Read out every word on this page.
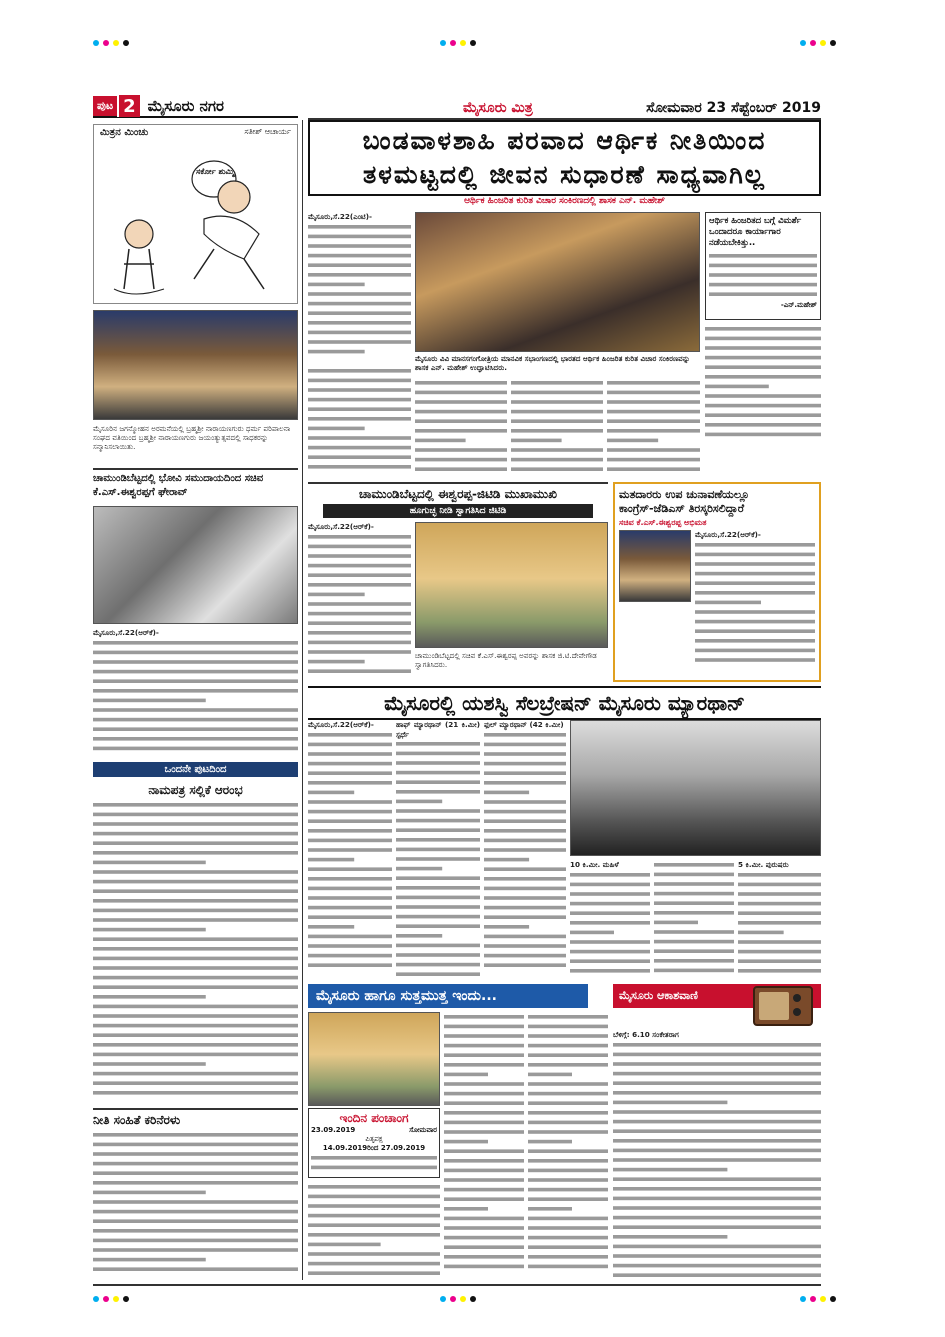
ಪುಟ 2 ಮೈಸೂರು ನಗರ	ಮೈಸೂರು ಮಿತ್ರ	ಸೋಮವಾರ 23 ಸೆಪ್ಟೆಂಬರ್ 2019
ಮಿತ್ರನ ಮಿಂಚು	ಸತೀಶ್ ಆಚಾರ್ಯ
ಸರ್ಕೋ ಶುಮ್ಮಿ
ಬಂಡವಾಳಶಾಹಿ ಪರವಾದ ಆರ್ಥಿಕ ನೀತಿಯಿಂದ
ತಳಮಟ್ಟದಲ್ಲಿ ಜೀವನ ಸುಧಾರಣೆ ಸಾಧ್ಯವಾಗಿಲ್ಲ
ಆರ್ಥಿಕ ಹಿಂಜರಿತ ಕುರಿತ ವಿಚಾರ ಸಂಕಿರಣದಲ್ಲಿ ಶಾಸಕ ಎನ್. ಮಹೇಶ್
ಮೈಸೂರು,ಸೆ.22(ಎಂಟಿ)-
ಮೈಸೂರು ವಿವಿ ಮಾನಸಗಂಗೋತ್ರಿಯ ಮಾನವಿಕ ಸಭಾಂಗಣದಲ್ಲಿ ಭಾರತದ ಆರ್ಥಿಕ ಹಿಂಜರಿತ ಕುರಿತ ವಿಚಾರ ಸಂಕಿರಣವನ್ನು ಶಾಸಕ ಎನ್. ಮಹೇಶ್ ಉದ್ಘಾಟಿಸಿದರು.
ಆರ್ಥಿಕ ಹಿಂಜರಿತದ ಬಗ್ಗೆ ವಿಮರ್ಶೆ ಒಂದಾದರೂ ಕಾರ್ಯಾಗಾರ ನಡೆಯಬೇಕಿತ್ತು..
-ಎನ್.ಮಹೇಶ್
ಮೈಸೂರಿನ ಜಗನ್ಮೋಹನ ಅರಮನೆಯಲ್ಲಿ ಬ್ರಹ್ಮಶ್ರೀ ನಾರಾಯಣಗುರು ಧರ್ಮ ಪರಿಪಾಲನಾ ಸಂಘದ ವತಿಯಿಂದ ಬ್ರಹ್ಮಶ್ರೀ ನಾರಾಯಣಗುರು ಜಯಂತ್ಯುತ್ಸವದಲ್ಲಿ ಸಾಧಕರನ್ನು ಸನ್ಮಾನಿಸಲಾಯಿತು.
ಚಾಮುಂಡಿಬೆಟ್ಟದಲ್ಲಿ ಭೋವಿ ಸಮುದಾಯದಿಂದ ಸಚಿವ ಕೆ.ಎಸ್.ಈಶ್ವರಪ್ಪಗೆ ಘೇರಾವ್
ಮೈಸೂರು,ಸೆ.22(ಆರ್‌ಕೆ)-
ಒಂದನೇ ಪುಟದಿಂದ
ನಾಮಪತ್ರ ಸಲ್ಲಿಕೆ ಆರಂಭ
ನೀತಿ ಸಂಹಿತೆ ಕರಿನೆರಳು
ಚಾಮುಂಡಿಬೆಟ್ಟದಲ್ಲಿ ಈಶ್ವರಪ್ಪ-ಜಿಟಿಡಿ ಮುಖಾಮುಖಿ
ಹೂಗುಚ್ಛ ನೀಡಿ ಸ್ವಾಗತಿಸಿದ ಜಿಟಿಡಿ
ಮೈಸೂರು,ಸೆ.22(ಆರ್‌ಕೆ)-
ಚಾಮುಂಡಿಬೆಟ್ಟದಲ್ಲಿ ಸಚಿವ ಕೆ.ಎಸ್.ಈಶ್ವರಪ್ಪ ಅವರನ್ನು ಶಾಸಕ ಜಿ.ಟಿ.ದೇವೇಗೌಡ ಸ್ವಾಗತಿಸಿದರು.
ಮತದಾರರು ಉಪ ಚುನಾವಣೆಯಲ್ಲೂ
ಕಾಂಗ್ರೆಸ್-ಜೆಡಿಎಸ್ ತಿರಸ್ಕರಿಸಲಿದ್ದಾರೆ
ಸಚಿವ ಕೆ.ಎಸ್.ಈಶ್ವರಪ್ಪ ಅಭಿಮತ
ಮೈಸೂರು,ಸೆ.22(ಆರ್‌ಕೆ)-
ಮೈಸೂರಲ್ಲಿ ಯಶಸ್ವಿ ಸೆಲಬ್ರೇಷನ್ ಮೈಸೂರು ಮ್ಯಾರಥಾನ್
ಮೈಸೂರು,ಸೆ.22(ಆರ್‌ಕೆ)-	ಹಾಫ್ ಮ್ಯಾರಥಾನ್ (21 ಕಿ.ಮೀ) ಸ್ಪರ್ಧೆ
ಫುಲ್ ಮ್ಯಾರಥಾನ್ (42 ಕಿ.ಮೀ)
10 ಕಿ.ಮೀ. ಮಹಿಳೆ	5 ಕಿ.ಮೀ. ಪುರುಷರು
ಮೈಸೂರು ಹಾಗೂ ಸುತ್ತಮುತ್ತ ಇಂದು...
ಇಂದಿನ ಪಂಚಾಂಗ
23.09.2019	ಸೋಮವಾರ
ಪಿತೃಪಕ್ಷ
14.09.2019ರಿಂದ 27.09.2019
ಮೈಸೂರು ಆಕಾಶವಾಣಿ
ಬೆಳಿಗ್ಗೆ: 6.10 ಸಂಕೇತರಾಗ
